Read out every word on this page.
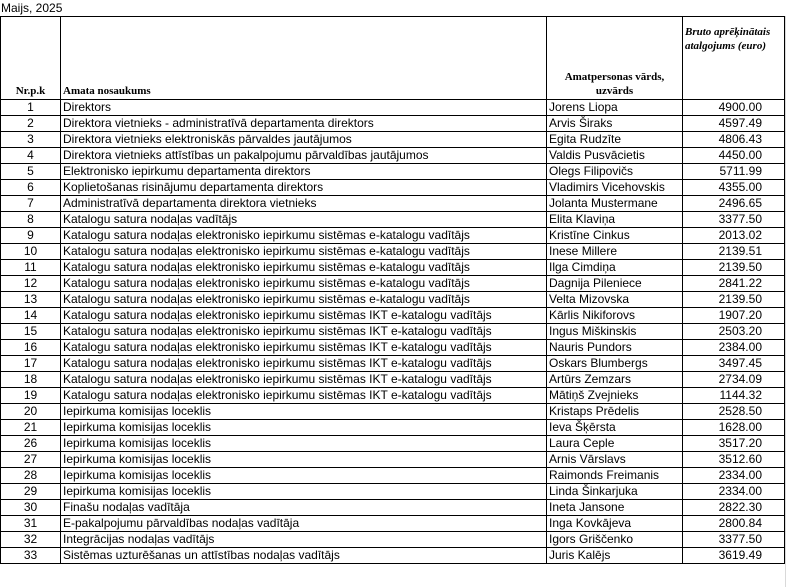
Maijs, 2025
Nr.p.k	Amata nosaukums	Amatpersonas vārds, uzvārds	Bruto aprēķinātais atalgojums (euro)
1	Direktors	Jorens Liopa	4900.00
2	Direktora vietnieks - administratīvā departamenta direktors	Arvis Širaks	4597.49
3	Direktora vietnieks elektroniskās pārvaldes jautājumos	Egita Rudzīte	4806.43
4	Direktora vietnieks attīstības un pakalpojumu pārvaldības jautājumos	Valdis Pusvācietis	4450.00
5	Elektronisko iepirkumu departamenta direktors	Olegs Filipovičs	5711.99
6	Koplietošanas risinājumu departamenta direktors	Vladimirs Vicehovskis	4355.00
7	Administratīvā departamenta direktora vietnieks	Jolanta Mustermane	2496.65
8	Katalogu satura nodaļas vadītājs	Elita Klaviņa	3377.50
9	Katalogu satura nodaļas elektronisko iepirkumu sistēmas e-katalogu vadītājs	Kristīne Cinkus	2013.02
10	Katalogu satura nodaļas elektronisko iepirkumu sistēmas e-katalogu vadītājs	Inese Millere	2139.51
11	Katalogu satura nodaļas elektronisko iepirkumu sistēmas e-katalogu vadītājs	Ilga Cimdiņa	2139.50
12	Katalogu satura nodaļas elektronisko iepirkumu sistēmas e-katalogu vadītājs	Dagnija Pileniece	2841.22
13	Katalogu satura nodaļas elektronisko iepirkumu sistēmas e-katalogu vadītājs	Velta Mizovska	2139.50
14	Katalogu satura nodaļas elektronisko iepirkumu sistēmas IKT e-katalogu vadītājs	Kārlis Nikiforovs	1907.20
15	Katalogu satura nodaļas elektronisko iepirkumu sistēmas IKT e-katalogu vadītājs	Ingus Miškinskis	2503.20
16	Katalogu satura nodaļas elektronisko iepirkumu sistēmas IKT e-katalogu vadītājs	Nauris Pundors	2384.00
17	Katalogu satura nodaļas elektronisko iepirkumu sistēmas IKT e-katalogu vadītājs	Oskars Blumbergs	3497.45
18	Katalogu satura nodaļas elektronisko iepirkumu sistēmas IKT e-katalogu vadītājs	Artūrs Zemzars	2734.09
19	Katalogu satura nodaļas elektronisko iepirkumu sistēmas IKT e-katalogu vadītājs	Mātiņš Zvejnieks	1144.32
20	Iepirkuma komisijas loceklis	Kristaps Prēdelis	2528.50
21	Iepirkuma komisijas loceklis	Ieva Šķērsta	1628.00
26	Iepirkuma komisijas loceklis	Laura Ceple	3517.20
27	Iepirkuma komisijas loceklis	Arnis Vārslavs	3512.60
28	Iepirkuma komisijas loceklis	Raimonds Freimanis	2334.00
29	Iepirkuma komisijas loceklis	Linda Šinkarjuka	2334.00
30	Finašu nodaļas vadītāja	Ineta Jansone	2822.30
31	E-pakalpojumu pārvaldības nodaļas vadītāja	Inga Kovkājeva	2800.84
32	Integrācijas nodaļas vadītājs	Igors Griščenko	3377.50
33	Sistēmas uzturēšanas un attīstības nodaļas vadītājs	Juris Kalējs	3619.49
